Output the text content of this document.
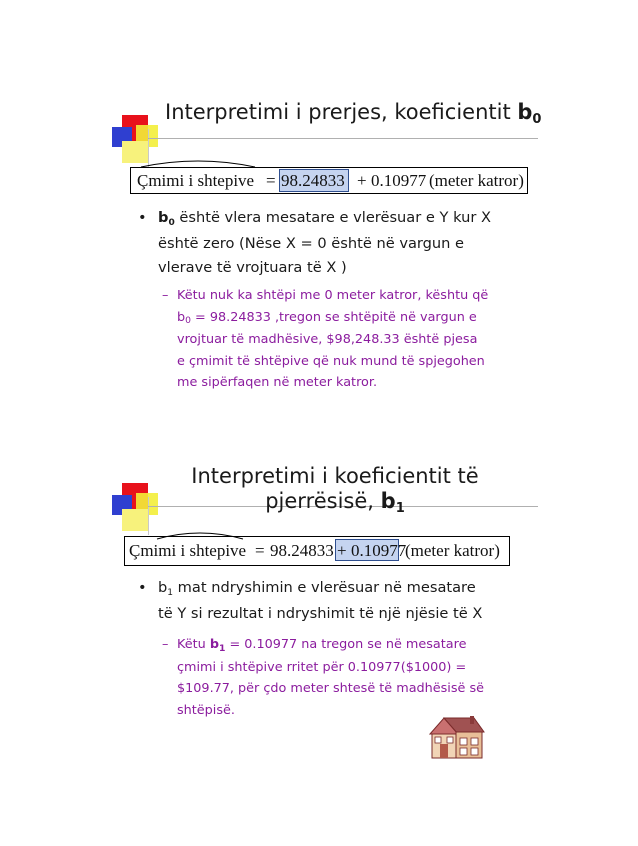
Interpretimi i prerjes, koeficientit b0
Çmimi i shtepive = 98.24833 + 0.10977 (meter katror)
• b0 është vlera mesatare e vlerësuar e Y kur X
është zero (Nëse X = 0 është në vargun e
vlerave të vrojtuara të X )
– Këtu nuk ka shtëpi me 0 meter katror, kështu që
$b_0 = 98.24833$ ,tregon se shtëpitë në vargun e
vrojtuar të madhësive, $98,248.33 është pjesa
e çmimit të shtëpive që nuk mund të spjegohen
me sipërfaqen në meter katror.
Interpretimi i koeficientit të
pjerrësisë, b1
Çmimi i shtepive = 98.24833 + 0.10977
(meter katror)
• b1 mat ndryshimin e vlerësuar në mesatare
të Y si rezultat i ndryshimit të një njësie të X
– Këtu $b_1 = 0.10977$ na tregon se në mesatare
çmimi i shtëpive rritet për 0.10977($1000) =
$109.77, për çdo meter shtesë të madhësisë së
shtëpisë.
